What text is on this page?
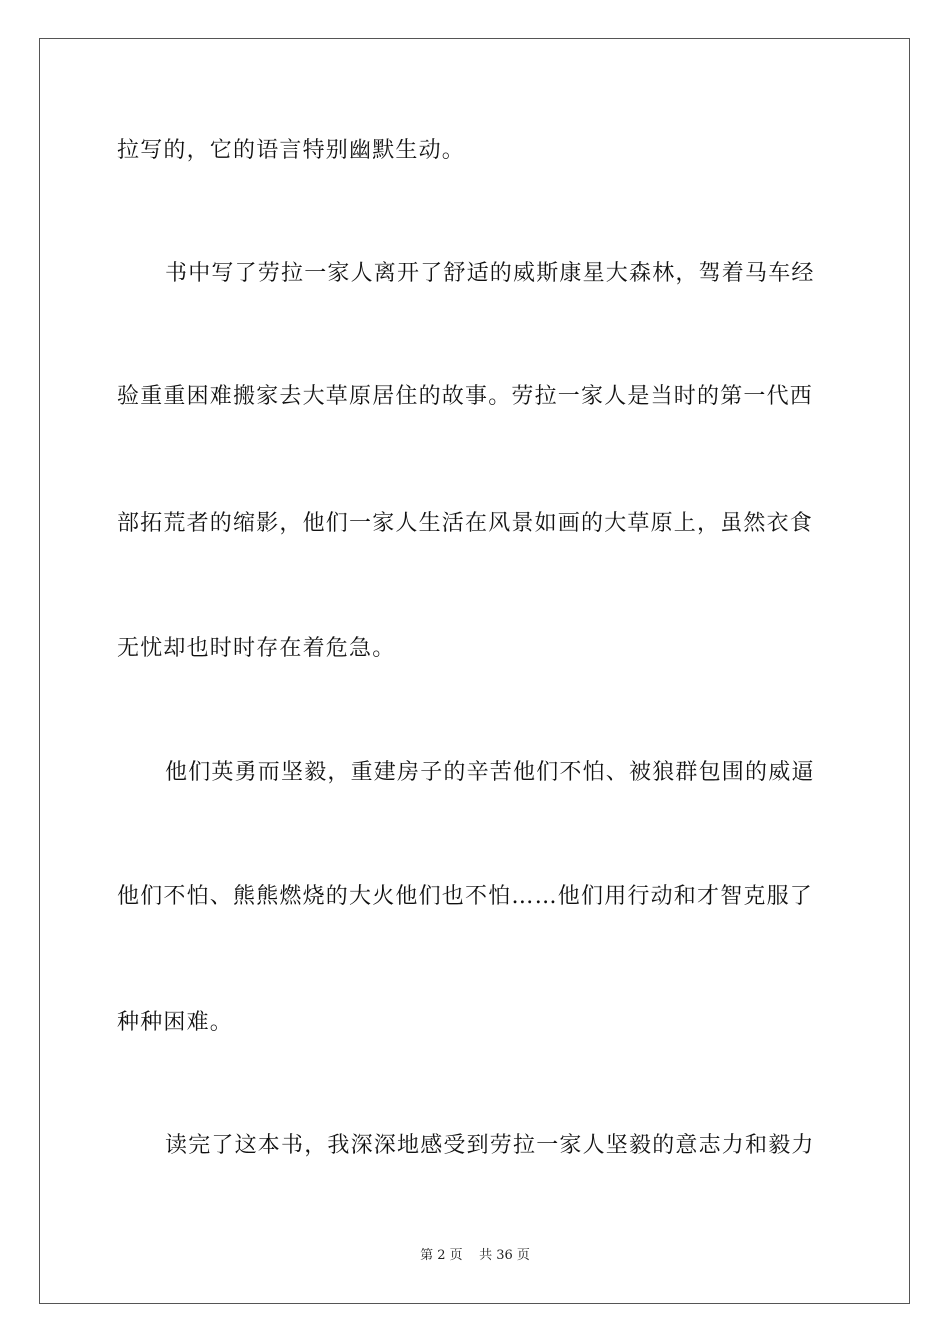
拉写的，它的语言特别幽默生动。
书中写了劳拉一家人离开了舒适的威斯康星大森林，驾着马车经
验重重困难搬家去大草原居住的故事。劳拉一家人是当时的第一代西
部拓荒者的缩影，他们一家人生活在风景如画的大草原上，虽然衣食
无忧却也时时存在着危急。
他们英勇而坚毅，重建房子的辛苦他们不怕、被狼群包围的威逼
他们不怕、熊熊燃烧的大火他们也不怕……他们用行动和才智克服了
种种困难。
读完了这本书，我深深地感受到劳拉一家人坚毅的意志力和毅力
第 2 页    共 36 页
